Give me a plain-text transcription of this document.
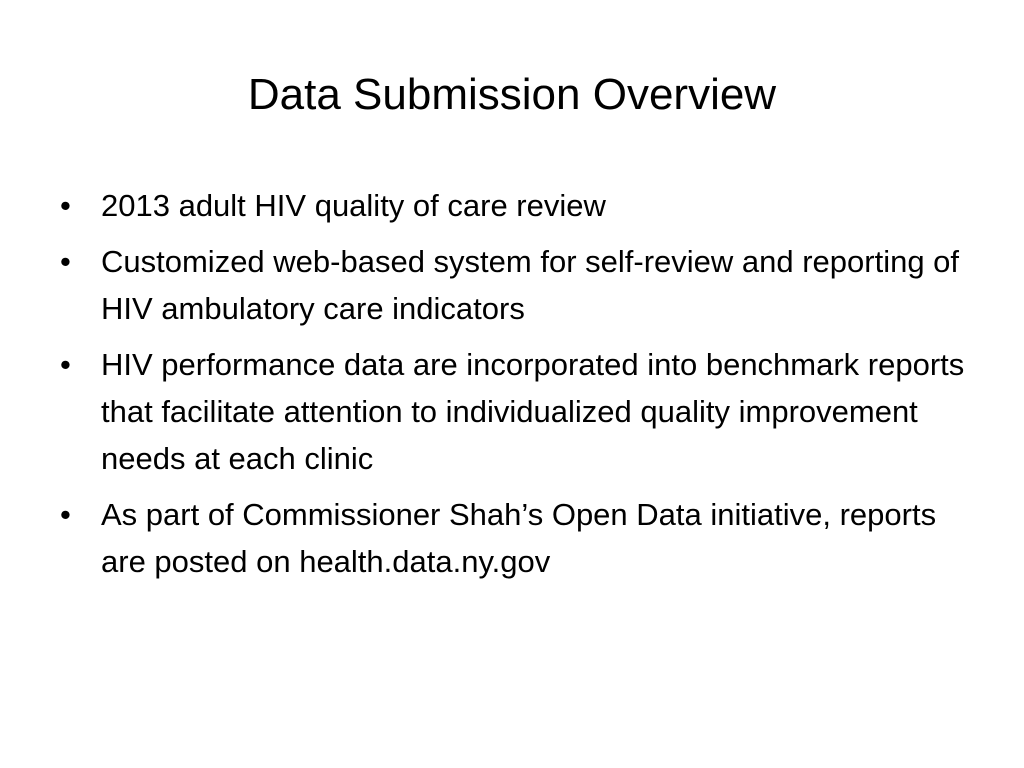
Data Submission Overview
• 2013 adult HIV quality of care review
• Customized web-based system for self-review and reporting of HIV ambulatory care indicators
• HIV performance data are incorporated into benchmark reports that facilitate attention to individualized quality improvement needs at each clinic
• As part of Commissioner Shah’s Open Data initiative, reports are posted on health.data.ny.gov
